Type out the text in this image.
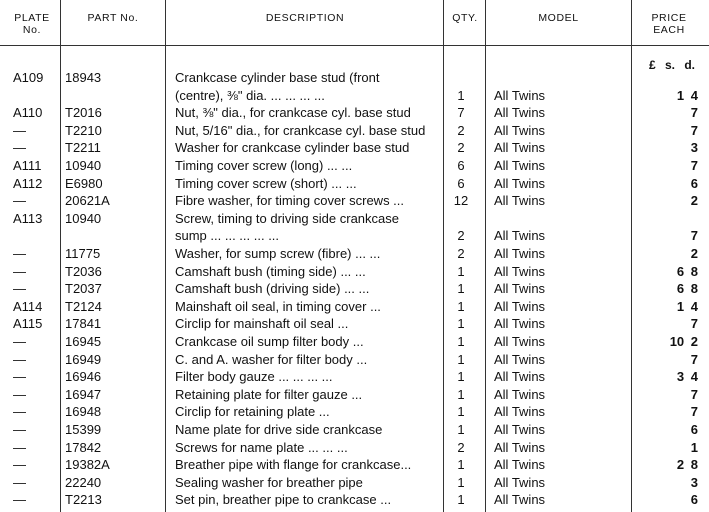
PLATE No.
PART No.	DESCRIPTION	QTY.	MODEL	PRICE EACH
£ s. d.
A109	18943	Crankcase cylinder base stud (front
(centre), ⅜" dia. ... ... ... ...	1	All Twins	1 4
A110	T2016	Nut, ⅜" dia., for crankcase cyl. base stud	7	All Twins	7
—	T2210	Nut, 5/16" dia., for crankcase cyl. base stud	2	All Twins	7
—	T2211	Washer for crankcase cylinder base stud	2	All Twins	3
A111	10940	Timing cover screw (long) ... ...	6	All Twins	7
A112	E6980	Timing cover screw (short) ... ...	6	All Twins	6
—	20621A	Fibre washer, for timing cover screws ...	12	All Twins	2
A113	10940	Screw, timing to driving side crankcase
sump ... ... ... ... ...	2	All Twins	7
—	11775	Washer, for sump screw (fibre) ... ...	2	All Twins	2
—	T2036	Camshaft bush (timing side) ... ...	1	All Twins	6 8
—	T2037	Camshaft bush (driving side) ... ...	1	All Twins	6 8
A114	T2124	Mainshaft oil seal, in timing cover ...	1	All Twins	1 4
A115	17841	Circlip for mainshaft oil seal ...	1	All Twins	7
—	16945	Crankcase oil sump filter body ...	1	All Twins	10 2
—	16949	C. and A. washer for filter body ...	1	All Twins	7
—	16946	Filter body gauze ... ... ... ...	1	All Twins	3 4
—	16947	Retaining plate for filter gauze ...	1	All Twins	7
—	16948	Circlip for retaining plate ...	1	All Twins	7
—	15399	Name plate for drive side crankcase	1	All Twins	6
—	17842	Screws for name plate ... ... ...	2	All Twins	1
—	19382A	Breather pipe with flange for crankcase...	1	All Twins	2 8
—	22240	Sealing washer for breather pipe	1	All Twins	3
—	T2213	Set pin, breather pipe to crankcase ...	1	All Twins	6
